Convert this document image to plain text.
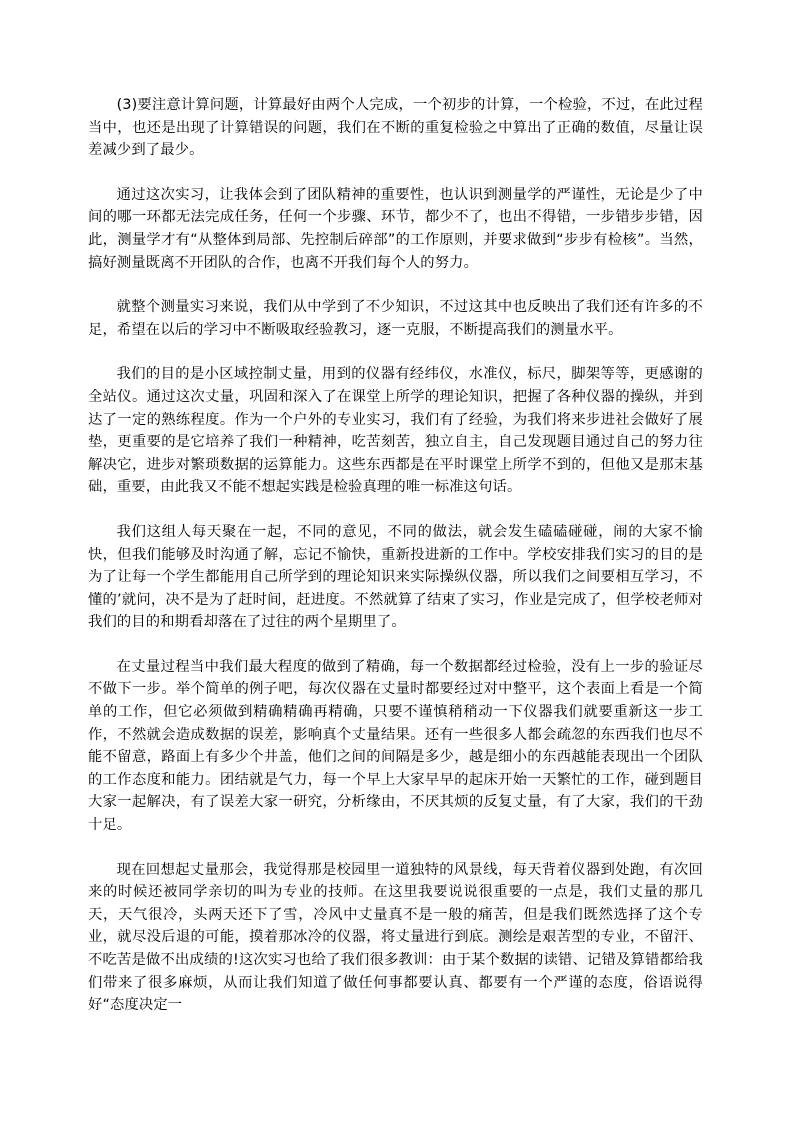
(3)要注意计算问题，计算最好由两个人完成，一个初步的计算，一个检验，不过，在此过程当中，也还是出现了计算错误的问题，我们在不断的重复检验之中算出了正确的数值，尽量让误差减少到了最少。

通过这次实习，让我体会到了团队精神的重要性，也认识到测量学的严谨性，无论是少了中间的哪一环都无法完成任务，任何一个步骤、环节，都少不了，也出不得错，一步错步步错，因此，测量学才有“从整体到局部、先控制后碎部”的工作原则，并要求做到“步步有检核”。当然，搞好测量既离不开团队的合作，也离不开我们每个人的努力。

就整个测量实习来说，我们从中学到了不少知识，不过这其中也反映出了我们还有许多的不足，希望在以后的学习中不断吸取经验教习，逐一克服，不断提高我们的测量水平。

我们的目的是小区域控制丈量，用到的仪器有经纬仪，水准仪，标尺，脚架等等，更感谢的全站仪。通过这次丈量，巩固和深入了在课堂上所学的理论知识，把握了各种仪器的操纵，并到达了一定的熟练程度。作为一个户外的专业实习，我们有了经验，为我们将来步进社会做好了展垫，更重要的是它培养了我们一种精神，吃苦刻苦，独立自主，自己发现题目通过自己的努力往解决它，进步对繁琐数据的运算能力。这些东西都是在平时课堂上所学不到的，但他又是那末基础，重要，由此我又不能不想起实践是检验真理的唯一标准这句话。

我们这组人每天聚在一起，不同的意见，不同的做法，就会发生磕磕碰碰，闹的大家不愉快，但我们能够及时沟通了解，忘记不愉快，重新投进新的工作中。学校安排我们实习的目的是为了让每一个学生都能用自己所学到的理论知识来实际操纵仪器，所以我们之间要相互学习，不懂的’就问，决不是为了赶时间，赶进度。不然就算了结束了实习，作业是完成了，但学校老师对我们的目的和期看却落在了过往的两个星期里了。

在丈量过程当中我们最大程度的做到了精确，每一个数据都经过检验，没有上一步的验证尽不做下一步。举个简单的例子吧，每次仪器在丈量时都要经过对中整平，这个表面上看是一个简单的工作，但它必须做到精确精确再精确，只要不谨慎稍稍动一下仪器我们就要重新这一步工作，不然就会造成数据的误差，影响真个丈量结果。还有一些很多人都会疏忽的东西我们也尽不能不留意，路面上有多少个井盖，他们之间的间隔是多少，越是细小的东西越能表现出一个团队的工作态度和能力。团结就是气力，每一个早上大家早早的起床开始一天繁忙的工作，碰到题目大家一起解决，有了误差大家一研究，分析缘由，不厌其烦的反复丈量，有了大家，我们的干劲十足。

现在回想起丈量那会，我觉得那是校园里一道独特的风景线，每天背着仪器到处跑，有次回来的时候还被同学亲切的叫为专业的技师。在这里我要说说很重要的一点是，我们丈量的那几天，天气很冷，头两天还下了雪，冷风中丈量真不是一般的痛苦，但是我们既然选择了这个专业，就尽没后退的可能，摸着那冰冷的仪器，将丈量进行到底。测绘是艰苦型的专业，不留汗、不吃苦是做不出成绩的!这次实习也给了我们很多教训：由于某个数据的读错、记错及算错都给我们带来了很多麻烦，从而让我们知道了做任何事都要认真、都要有一个严谨的态度，俗语说得好“态度决定一
